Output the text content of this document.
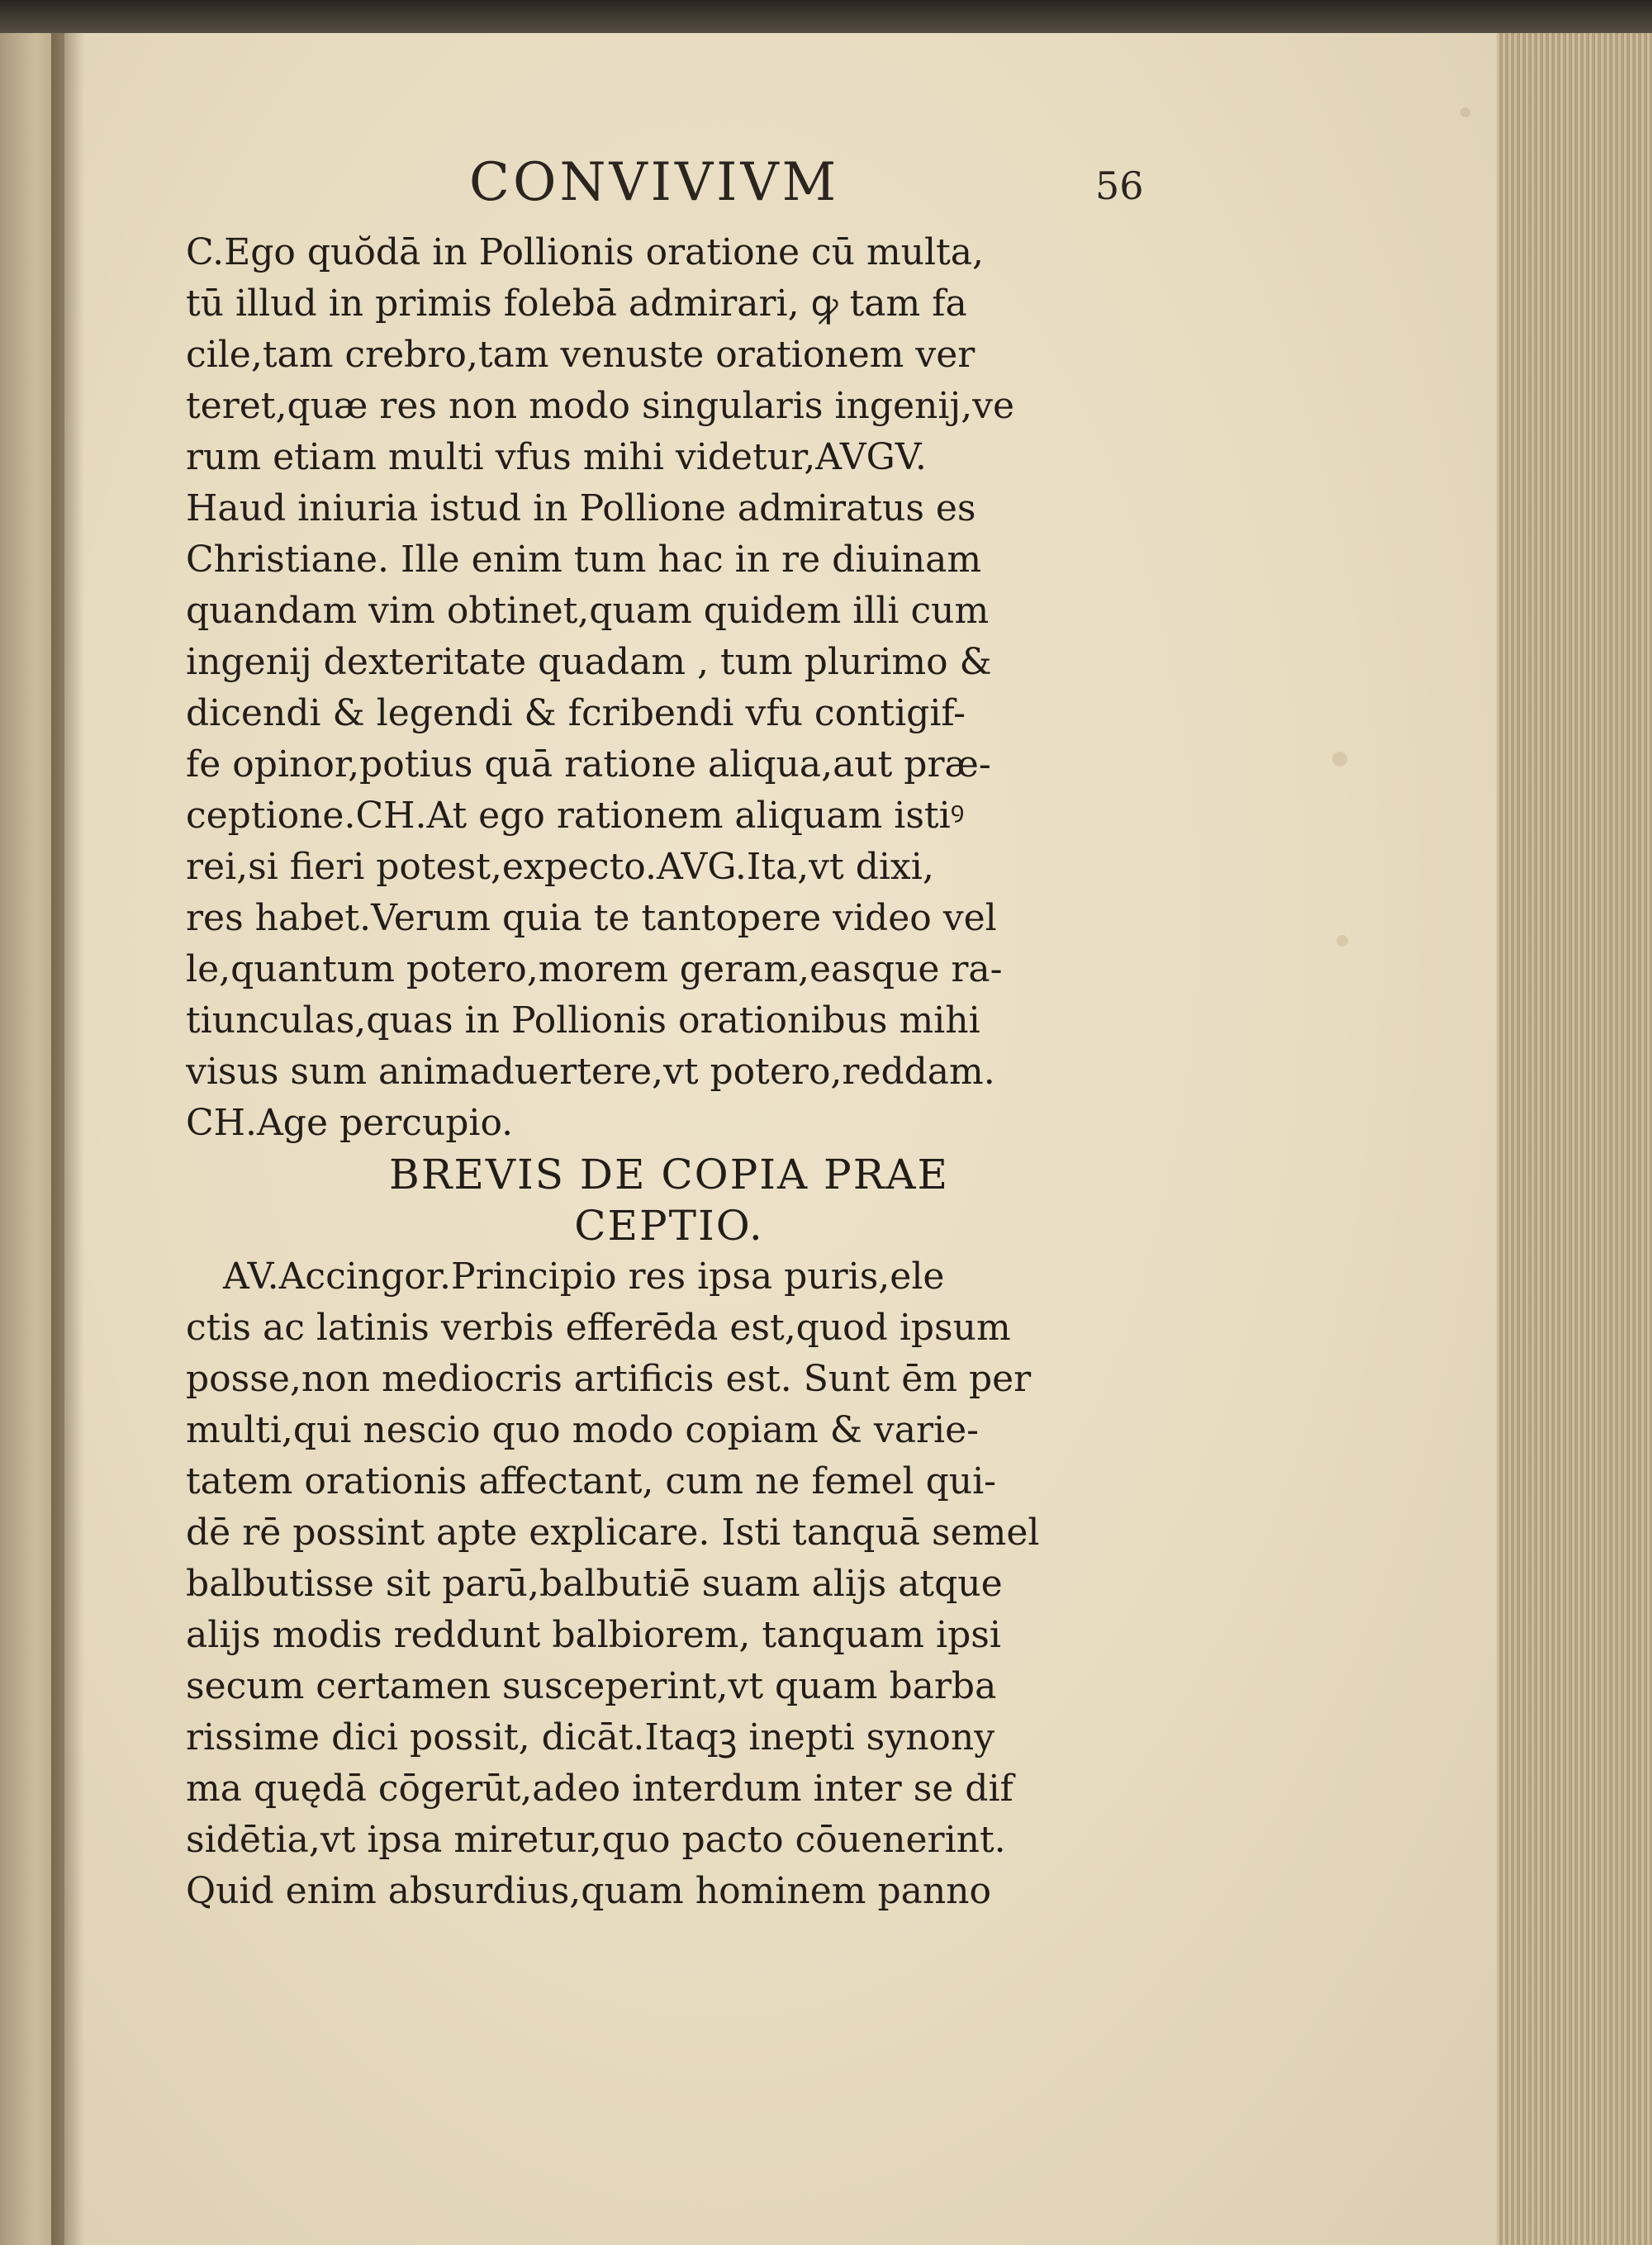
CONVIVIVM	56
C.Ego quŏdā in Pollionis oratione cū multa,
tū illud in primis folebā admirari, ꝙ tam fa
cile,tam crebro,tam venuste orationem ver
teret,quæ res non modo singularis ingenij,ve
rum etiam multi vfus mihi videtur,AVGV.
Haud iniuria istud in Pollione admiratus es
Christiane. Ille enim tum hac in re diuinam
quandam vim obtinet,quam quidem illi cum
ingenij dexteritate quadam , tum plurimo &
dicendi & legendi & fcribendi vfu contigif-
fe opinor,potius quā ratione aliqua,aut præ-
ceptione.CH.At ego rationem aliquam istiꝰ
rei,si fieri potest,expecto.AVG.Ita,vt dixi,
res habet.Verum quia te tantopere video vel
le,quantum potero,morem geram,easque ra-
tiunculas,quas in Pollionis orationibus mihi
visus sum animaduertere,vt potero,reddam.
CH.Age percupio.
BREVIS DE COPIA PRAE
CEPTIO.
AV.Accingor.Principio res ipsa puris,ele
ctis ac latinis verbis efferēda est,quod ipsum
posse,non mediocris artificis est. Sunt ēm per
multi,qui nescio quo modo copiam & varie-
tatem orationis affectant, cum ne femel qui-
dē rē possint apte explicare. Isti tanquā semel
balbutisse sit parū,balbutiē suam alijs atque
alijs modis reddunt balbiorem, tanquam ipsi
secum certamen susceperint,vt quam barba
rissime dici possit, dicāt.Itaqꝫ inepti synony
ma quędā cōgerūt,adeo interdum inter se dif
sidētia,vt ipsa miretur,quo pacto cōuenerint.
Quid enim absurdius,quam hominem panno
